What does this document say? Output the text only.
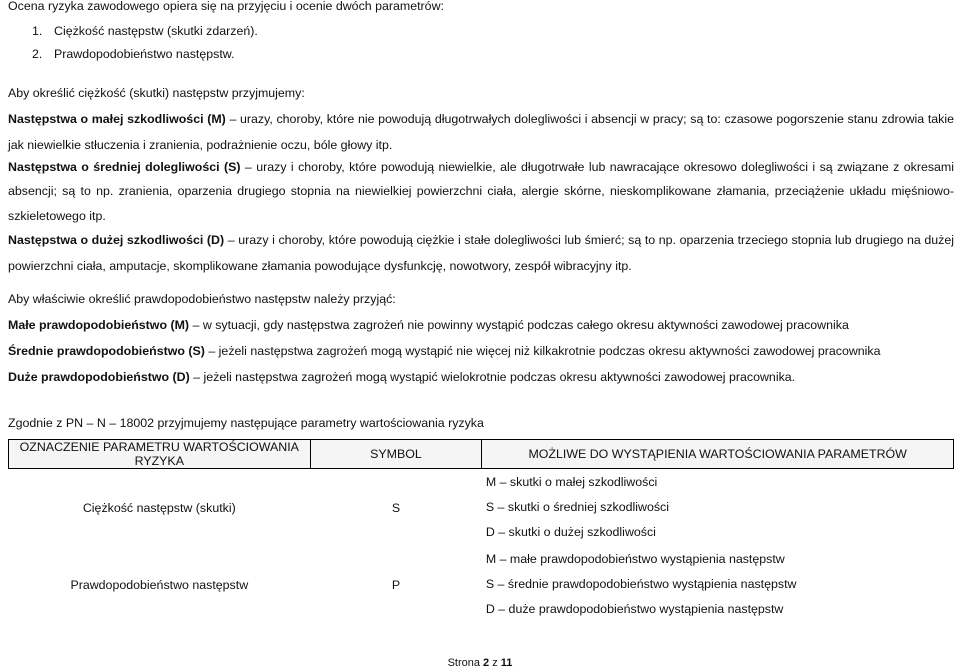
Ocena ryzyka zawodowego opiera się na przyjęciu i ocenie dwóch parametrów:
1. Ciężkość następstw (skutki zdarzeń).
2. Prawdopodobieństwo następstw.
Aby określić ciężkość (skutki) następstw przyjmujemy:
Następstwa o małej szkodliwości (M) – urazy, choroby, które nie powodują długotrwałych dolegliwości i absencji w pracy; są to: czasowe pogorszenie stanu zdrowia takie
jak niewielkie stłuczenia i zranienia, podrażnienie oczu, bóle głowy itp.
Następstwa o średniej dolegliwości (S) – urazy i choroby, które powodują niewielkie, ale długotrwałe lub nawracające okresowo dolegliwości i są związane z okresami
absencji; są to np. zranienia, oparzenia drugiego stopnia na niewielkiej powierzchni ciała, alergie skórne, nieskomplikowane złamania, przeciążenie układu mięśniowo-
szkieletowego itp.
Następstwa o dużej szkodliwości (D) – urazy i choroby, które powodują ciężkie i stałe dolegliwości lub śmierć; są to np. oparzenia trzeciego stopnia lub drugiego na dużej
powierzchni ciała, amputacje, skomplikowane złamania powodujące dysfunkcję, nowotwory, zespół wibracyjny itp.
Aby właściwie określić prawdopodobieństwo następstw należy przyjąć:
Małe prawdopodobieństwo (M) – w sytuacji, gdy następstwa zagrożeń nie powinny wystąpić podczas całego okresu aktywności zawodowej pracownika
Średnie prawdopodobieństwo (S) – jeżeli następstwa zagrożeń mogą wystąpić nie więcej niż kilkakrotnie podczas okresu aktywności zawodowej pracownika
Duże prawdopodobieństwo (D) – jeżeli następstwa zagrożeń mogą wystąpić wielokrotnie podczas okresu aktywności zawodowej pracownika.
Zgodnie z PN – N – 18002 przyjmujemy następujące parametry wartościowania ryzyka
OZNACZENIE PARAMETRU WARTOŚCIOWANIA RYZYKA	SYMBOL	MOŻLIWE DO WYSTĄPIENIA WARTOŚCIOWANIA PARAMETRÓW
Ciężkość następstw (skutki)	S	M – skutki o małej szkodliwości
S – skutki o średniej szkodliwości
D – skutki o dużej szkodliwości

Prawdopodobieństwo następstw	P	M – małe prawdopodobieństwo wystąpienia następstw
S – średnie prawdopodobieństwo wystąpienia następstw
D – duże prawdopodobieństwo wystąpienia następstw
Strona 2 z 11
